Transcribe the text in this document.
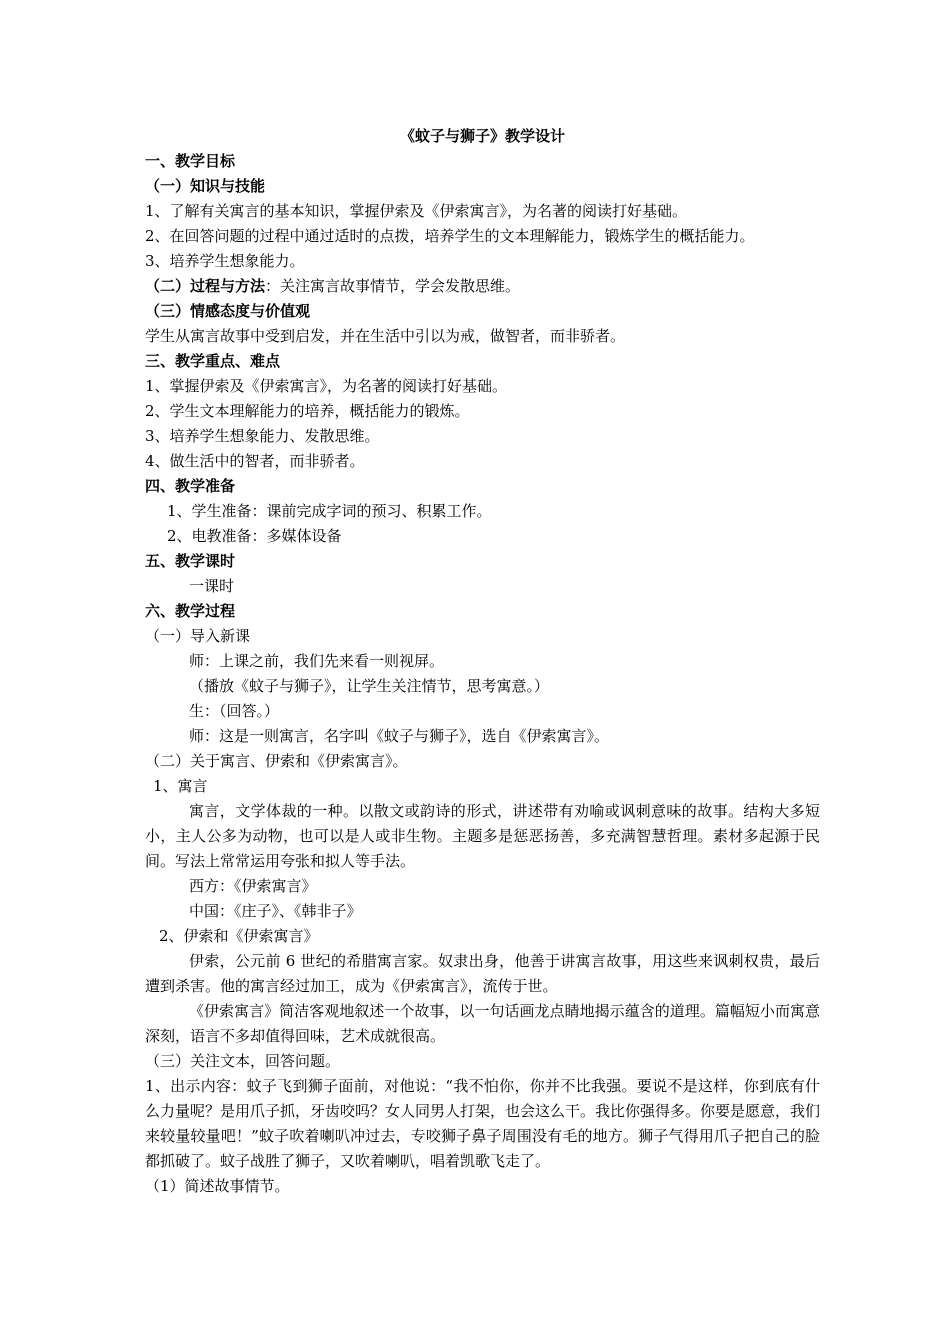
《蚊子与狮子》教学设计
一、教学目标
（一）知识与技能
1、了解有关寓言的基本知识，掌握伊索及《伊索寓言》，为名著的阅读打好基础。
2、在回答问题的过程中通过适时的点拨，培养学生的文本理解能力，锻炼学生的概括能力。
3、培养学生想象能力。
（二）过程与方法：关注寓言故事情节，学会发散思维。
（三）情感态度与价值观
学生从寓言故事中受到启发，并在生活中引以为戒，做智者，而非骄者。
三、教学重点、难点
1、掌握伊索及《伊索寓言》，为名著的阅读打好基础。
2、学生文本理解能力的培养，概括能力的锻炼。
3、培养学生想象能力、发散思维。
4、做生活中的智者，而非骄者。
四、教学准备
1、学生准备：课前完成字词的预习、积累工作。
2、电教准备：多媒体设备
五、教学课时
一课时
六、教学过程
（一）导入新课
师：上课之前，我们先来看一则视屏。
（播放《蚊子与狮子》，让学生关注情节，思考寓意。）
生：（回答。）
师：这是一则寓言，名字叫《蚊子与狮子》，选自《伊索寓言》。
（二）关于寓言、伊索和《伊索寓言》。
1、寓言
寓言，文学体裁的一种。以散文或韵诗的形式，讲述带有劝喻或讽刺意味的故事。结构大多短小，主人公多为动物，也可以是人或非生物。主题多是惩恶扬善，多充满智慧哲理。素材多起源于民间。写法上常常运用夸张和拟人等手法。
西方：《伊索寓言》
中国：《庄子》、《韩非子》
2、伊索和《伊索寓言》
伊索，公元前 6 世纪的希腊寓言家。奴隶出身，他善于讲寓言故事，用这些来讽刺权贵，最后遭到杀害。他的寓言经过加工，成为《伊索寓言》，流传于世。
《伊索寓言》简洁客观地叙述一个故事，以一句话画龙点睛地揭示蕴含的道理。篇幅短小而寓意深刻，语言不多却值得回味，艺术成就很高。
（三）关注文本，回答问题。
1、出示内容：蚊子飞到狮子面前，对他说：“我不怕你，你并不比我强。要说不是这样，你到底有什么力量呢？是用爪子抓，牙齿咬吗？女人同男人打架，也会这么干。我比你强得多。你要是愿意，我们来较量较量吧！”蚊子吹着喇叭冲过去，专咬狮子鼻子周围没有毛的地方。狮子气得用爪子把自己的脸都抓破了。蚊子战胜了狮子，又吹着喇叭，唱着凯歌飞走了。
（1）简述故事情节。
